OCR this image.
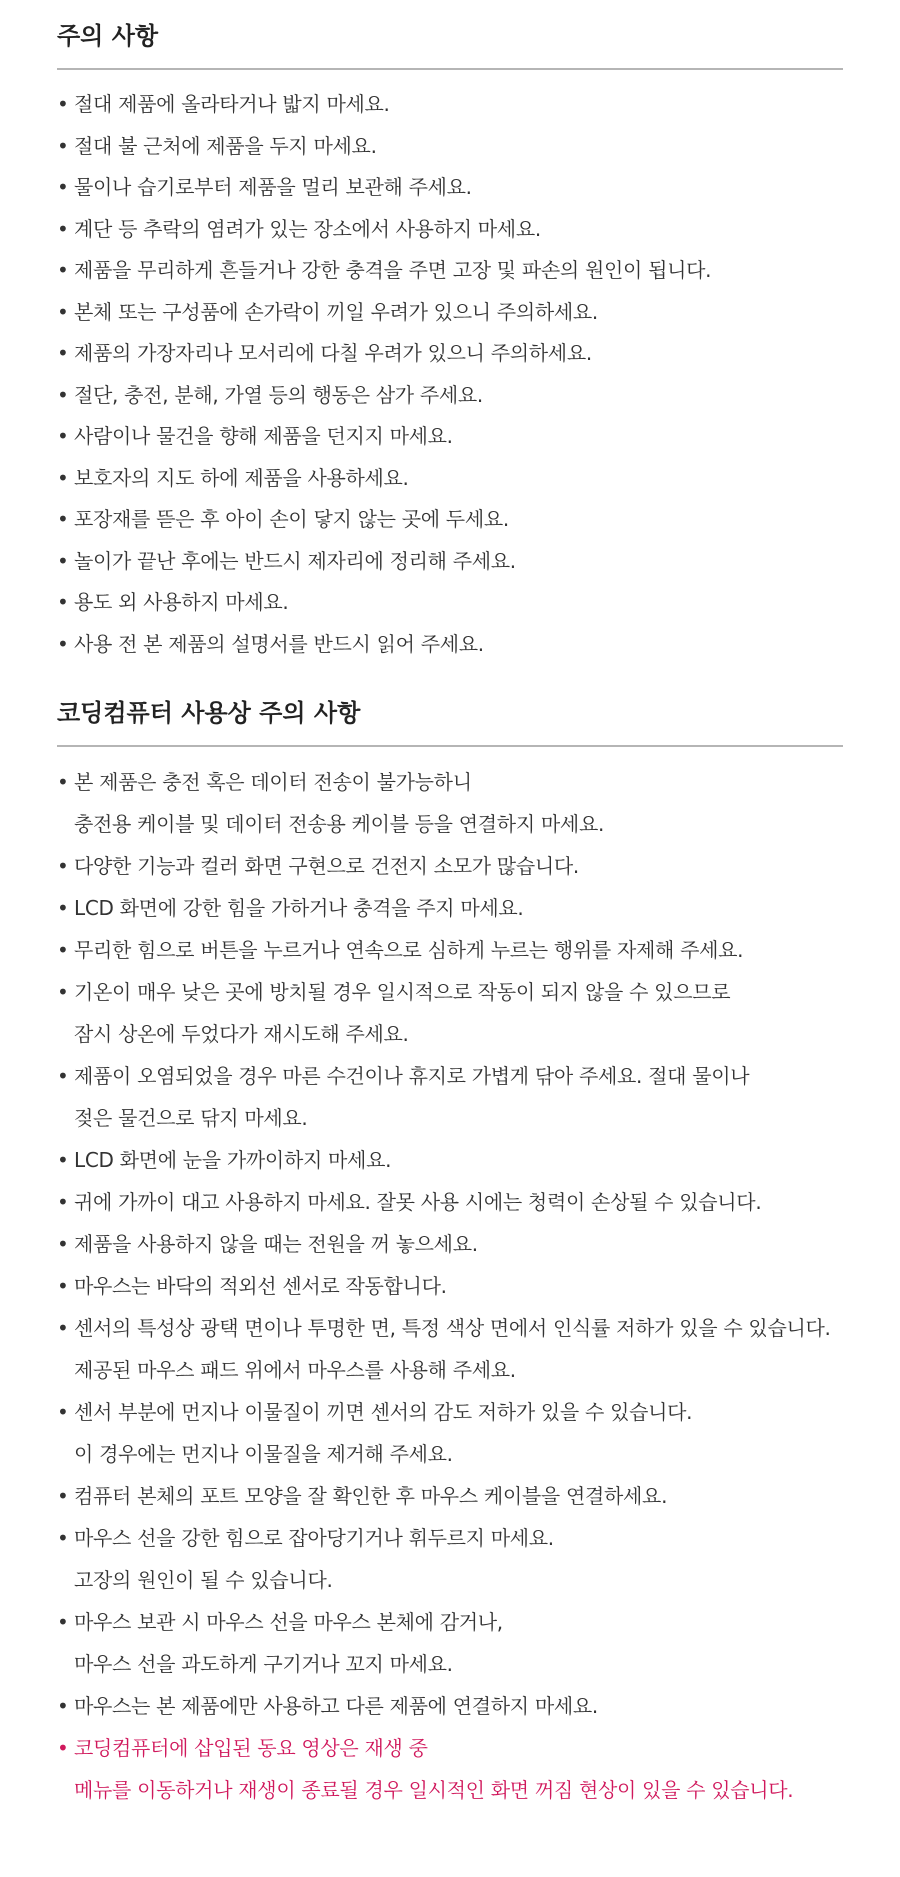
주의 사항
• 절대 제품에 올라타거나 밟지 마세요.
• 절대 불 근처에 제품을 두지 마세요.
• 물이나 습기로부터 제품을 멀리 보관해 주세요.
• 계단 등 추락의 염려가 있는 장소에서 사용하지 마세요.
• 제품을 무리하게 흔들거나 강한 충격을 주면 고장 및 파손의 원인이 됩니다.
• 본체 또는 구성품에 손가락이 끼일 우려가 있으니 주의하세요.
• 제품의 가장자리나 모서리에 다칠 우려가 있으니 주의하세요.
• 절단, 충전, 분해, 가열 등의 행동은 삼가 주세요.
• 사람이나 물건을 향해 제품을 던지지 마세요.
• 보호자의 지도 하에 제품을 사용하세요.
• 포장재를 뜯은 후 아이 손이 닿지 않는 곳에 두세요.
• 놀이가 끝난 후에는 반드시 제자리에 정리해 주세요.
• 용도 외 사용하지 마세요.
• 사용 전 본 제품의 설명서를 반드시 읽어 주세요.
코딩컴퓨터 사용상 주의 사항
• 본 제품은 충전 혹은 데이터 전송이 불가능하니
충전용 케이블 및 데이터 전송용 케이블 등을 연결하지 마세요.
• 다양한 기능과 컬러 화면 구현으로 건전지 소모가 많습니다.
• LCD 화면에 강한 힘을 가하거나 충격을 주지 마세요.
• 무리한 힘으로 버튼을 누르거나 연속으로 심하게 누르는 행위를 자제해 주세요.
• 기온이 매우 낮은 곳에 방치될 경우 일시적으로 작동이 되지 않을 수 있으므로
잠시 상온에 두었다가 재시도해 주세요.
• 제품이 오염되었을 경우 마른 수건이나 휴지로 가볍게 닦아 주세요. 절대 물이나
젖은 물건으로 닦지 마세요.
• LCD 화면에 눈을 가까이하지 마세요.
• 귀에 가까이 대고 사용하지 마세요. 잘못 사용 시에는 청력이 손상될 수 있습니다.
• 제품을 사용하지 않을 때는 전원을 꺼 놓으세요.
• 마우스는 바닥의 적외선 센서로 작동합니다.
• 센서의 특성상 광택 면이나 투명한 면, 특정 색상 면에서 인식률 저하가 있을 수 있습니다.
제공된 마우스 패드 위에서 마우스를 사용해 주세요.
• 센서 부분에 먼지나 이물질이 끼면 센서의 감도 저하가 있을 수 있습니다.
이 경우에는 먼지나 이물질을 제거해 주세요.
• 컴퓨터 본체의 포트 모양을 잘 확인한 후 마우스 케이블을 연결하세요.
• 마우스 선을 강한 힘으로 잡아당기거나 휘두르지 마세요.
고장의 원인이 될 수 있습니다.
• 마우스 보관 시 마우스 선을 마우스 본체에 감거나,
마우스 선을 과도하게 구기거나 꼬지 마세요.
• 마우스는 본 제품에만 사용하고 다른 제품에 연결하지 마세요.
• 코딩컴퓨터에 삽입된 동요 영상은 재생 중
메뉴를 이동하거나 재생이 종료될 경우 일시적인 화면 꺼짐 현상이 있을 수 있습니다.
